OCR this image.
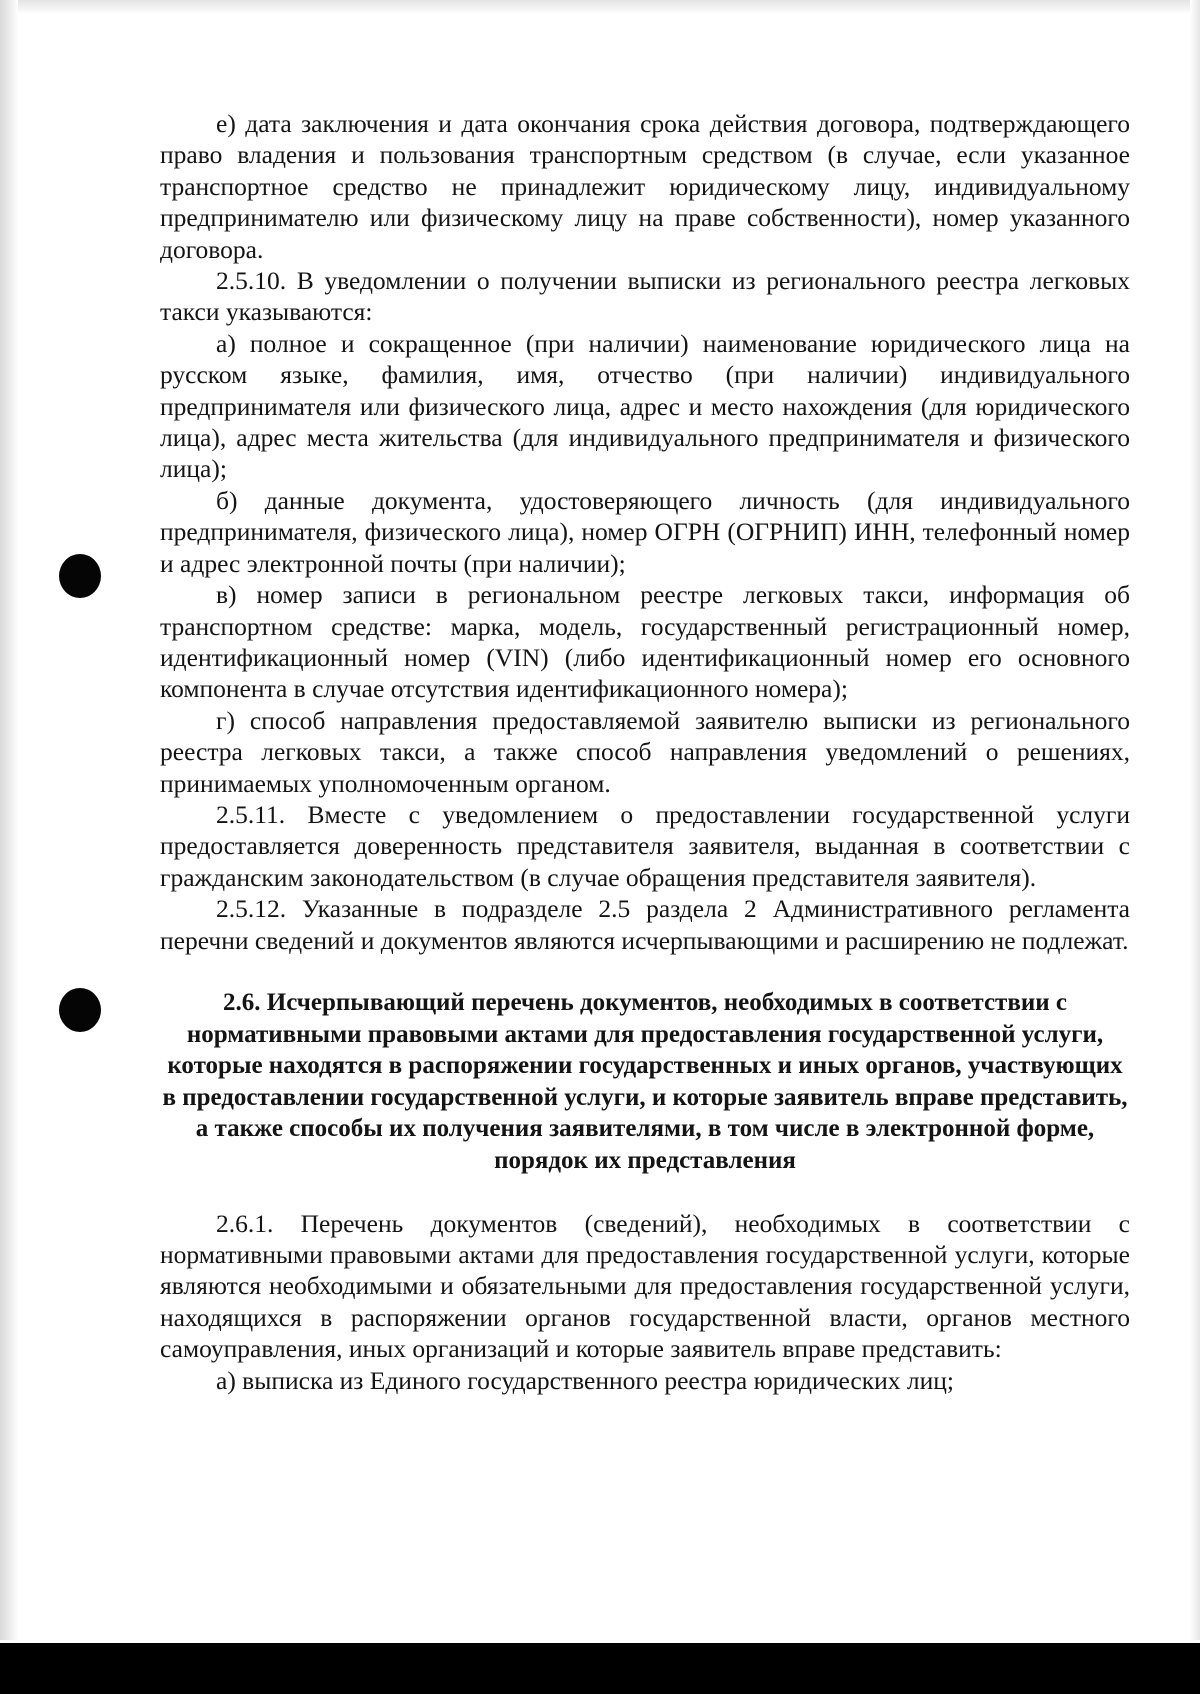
е) дата заключения и дата окончания срока действия договора, подтверждающего право владения и пользования транспортным средством (в случае, если указанное транспортное средство не принадлежит юридическому лицу, индивидуальному предпринимателю или физическому лицу на праве собственности), номер указанного договора.

2.5.10. В уведомлении о получении выписки из регионального реестра легковых такси указываются:

а) полное и сокращенное (при наличии) наименование юридического лица на русском языке, фамилия, имя, отчество (при наличии) индивидуального предпринимателя или физического лица, адрес и место нахождения (для юридического лица), адрес места жительства (для индивидуального предпринимателя и физического лица);

б) данные документа, удостоверяющего личность (для индивидуального предпринимателя, физического лица), номер ОГРН (ОГРНИП) ИНН, телефонный номер и адрес электронной почты (при наличии);

в) номер записи в региональном реестре легковых такси, информация об транспортном средстве: марка, модель, государственный регистрационный номер, идентификационный номер (VIN) (либо идентификационный номер его основного компонента в случае отсутствия идентификационного номера);

г) способ направления предоставляемой заявителю выписки из регионального реестра легковых такси, а также способ направления уведомлений о решениях, принимаемых уполномоченным органом.

2.5.11. Вместе с уведомлением о предоставлении государственной услуги предоставляется доверенность представителя заявителя, выданная в соответствии с гражданским законодательством (в случае обращения представителя заявителя).

2.5.12. Указанные в подразделе 2.5 раздела 2 Административного регламента перечни сведений и документов являются исчерпывающими и расширению не подлежат.

2.6. Исчерпывающий перечень документов, необходимых в соответствии с нормативными правовыми актами для предоставления государственной услуги, которые находятся в распоряжении государственных и иных органов, участвующих в предоставлении государственной услуги, и которые заявитель вправе представить, а также способы их получения заявителями, в том числе в электронной форме, порядок их представления

2.6.1. Перечень документов (сведений), необходимых в соответствии с нормативными правовыми актами для предоставления государственной услуги, которые являются необходимыми и обязательными для предоставления государственной услуги, находящихся в распоряжении органов государственной власти, органов местного самоуправления, иных организаций и которые заявитель вправе представить:

а) выписка из Единого государственного реестра юридических лиц;
